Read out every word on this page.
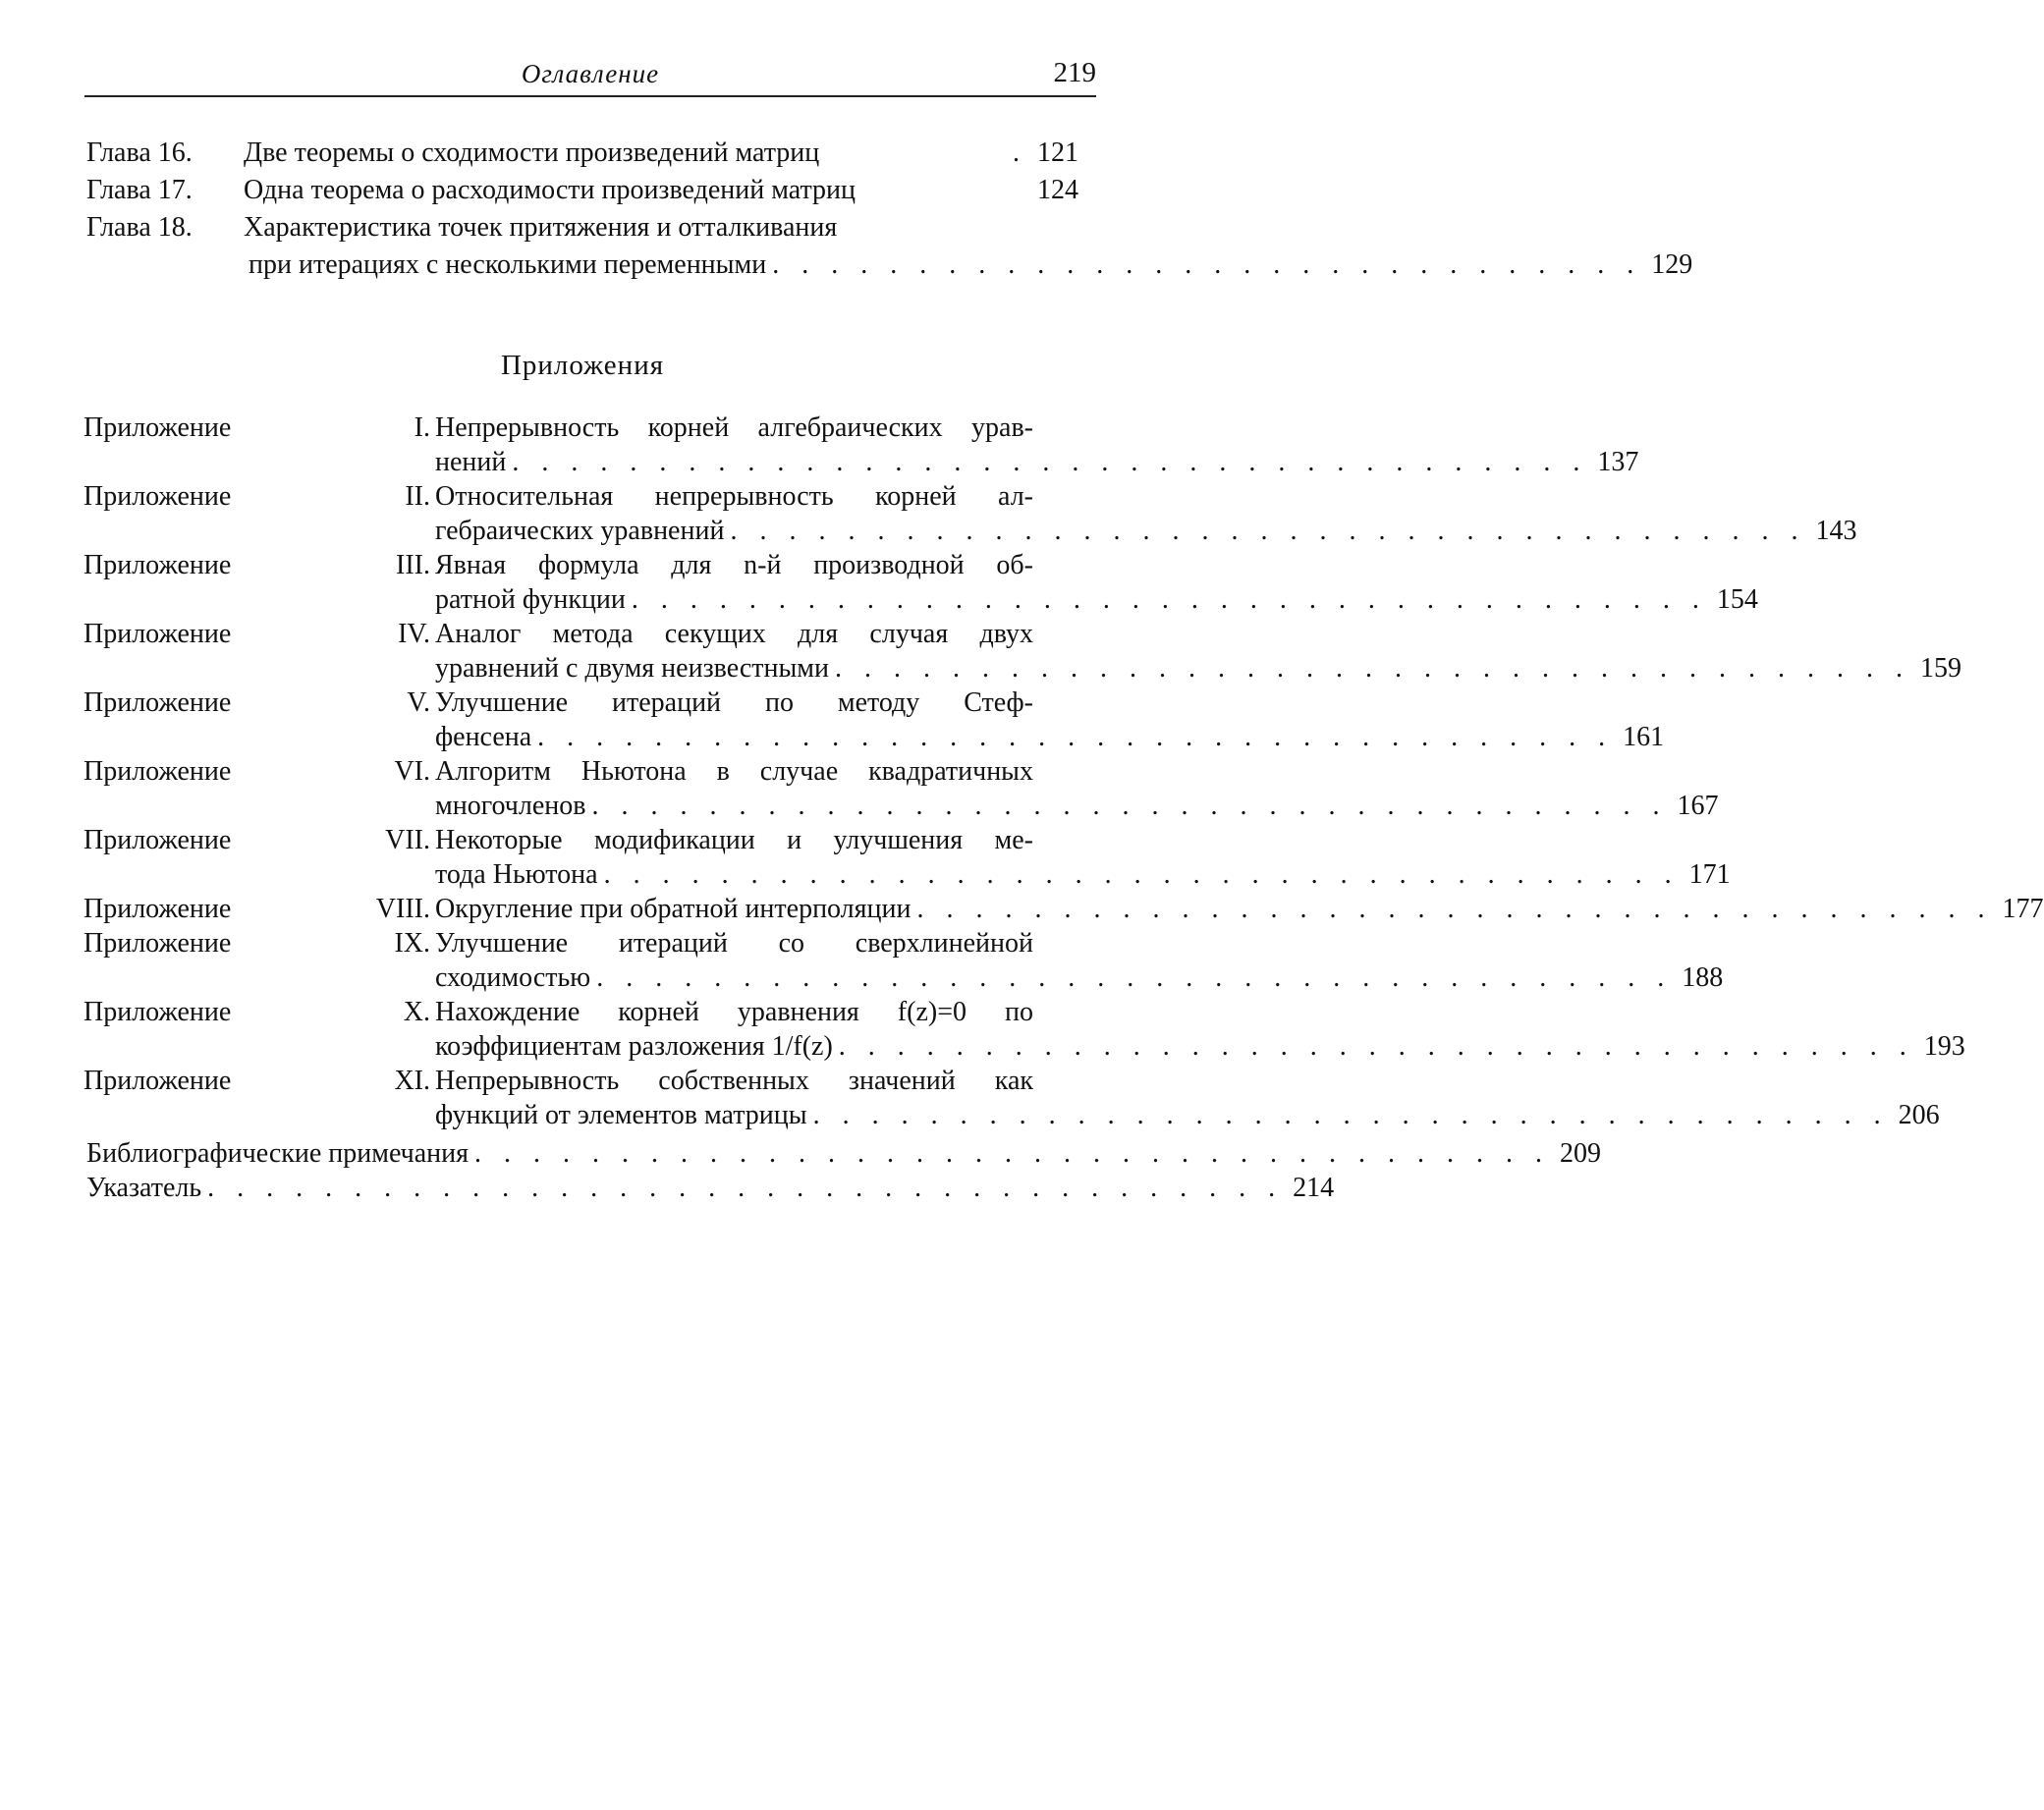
Оглавление	219
Глава 16. Две теоремы о сходимости произведений матриц	. 121
Глава 17. Одна теорема о расходимости произведений матриц	124
Глава 18. Характеристика точек притяжения и отталкивания
при итерациях с несколькими переменными . . . . . . . . . . . . . . . . . . . . . . . . . . . . . . 129
Приложения
Приложение	I. Непрерывность корней алгебраических урав-
нений . . . . . . . . . . . . . . . . . . . . . . . . . . . . . . . . . . . . . 137
Приложение	II. Относительная непрерывность корней ал-
гебраических уравнений . . . . . . . . . . . . . . . . . . . . . . . . . . . . . . . . . . . . . 143
Приложение	III. Явная формула для n-й производной об-
ратной функции . . . . . . . . . . . . . . . . . . . . . . . . . . . . . . . . . . . . . 154
Приложение	IV. Аналог метода секущих для случая двух
уравнений с двумя неизвестными . . . . . . . . . . . . . . . . . . . . . . . . . . . . . . . . . . . . . 159
Приложение	V. Улучшение итераций по методу Стеф-
фенсена . . . . . . . . . . . . . . . . . . . . . . . . . . . . . . . . . . . . . 161
Приложение	VI. Алгоритм Ньютона в случае квадратичных
многочленов . . . . . . . . . . . . . . . . . . . . . . . . . . . . . . . . . . . . . 167
Приложение	VII. Некоторые модификации и улучшения ме-
тода Ньютона . . . . . . . . . . . . . . . . . . . . . . . . . . . . . . . . . . . . . 171
Приложение	VIII. Округление при обратной интерполяции . . . . . . . . . . . . . . . . . . . . . . . . . . . . . . . . . . . . . 177
Приложение	IX. Улучшение итераций со сверхлинейной
сходимостью . . . . . . . . . . . . . . . . . . . . . . . . . . . . . . . . . . . . . 188
Приложение	X. Нахождение корней уравнения f(z)=0 по
коэффициентам разложения 1/f(z) . . . . . . . . . . . . . . . . . . . . . . . . . . . . . . . . . . . . . 193
Приложение	XI. Непрерывность собственных значений как
функций от элементов матрицы . . . . . . . . . . . . . . . . . . . . . . . . . . . . . . . . . . . . . 206
Библиографические примечания . . . . . . . . . . . . . . . . . . . . . . . . . . . . . . . . . . . . . 209
Указатель . . . . . . . . . . . . . . . . . . . . . . . . . . . . . . . . . . . . . 214
